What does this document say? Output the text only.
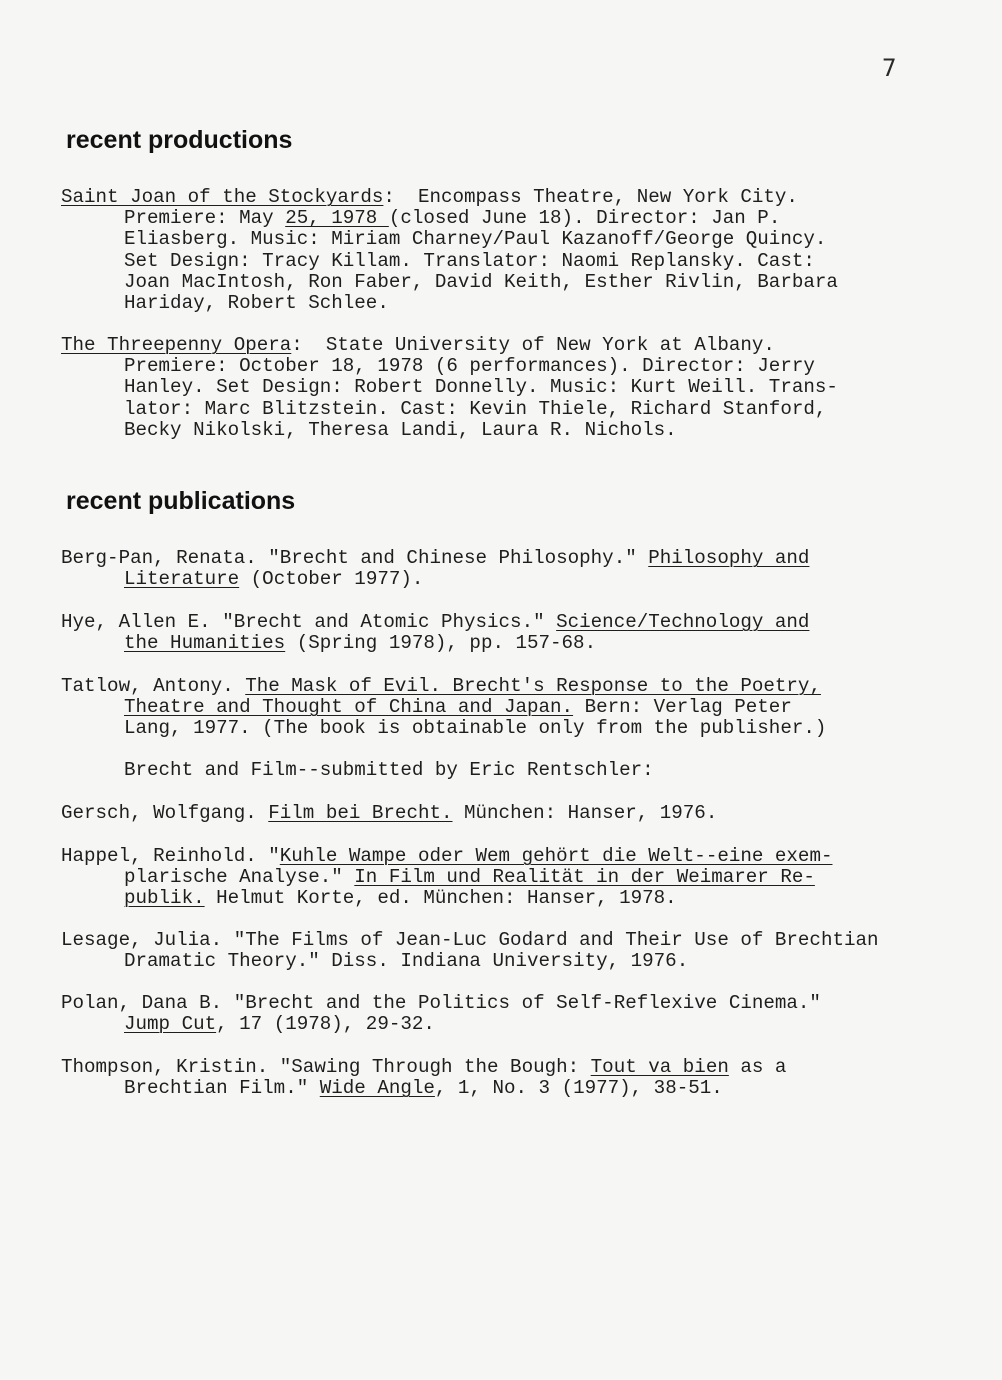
7
recent productions
Saint Joan of the Stockyards:  Encompass Theatre, New York City.
Premiere: May 25, 1978 (closed June 18). Director: Jan P.
Eliasberg. Music: Miriam Charney/Paul Kazanoff/George Quincy.
Set Design: Tracy Killam. Translator: Naomi Replansky. Cast:
Joan MacIntosh, Ron Faber, David Keith, Esther Rivlin, Barbara
Hariday, Robert Schlee.
The Threepenny Opera:  State University of New York at Albany.
Premiere: October 18, 1978 (6 performances). Director: Jerry
Hanley. Set Design: Robert Donnelly. Music: Kurt Weill. Trans-
lator: Marc Blitzstein. Cast: Kevin Thiele, Richard Stanford,
Becky Nikolski, Theresa Landi, Laura R. Nichols.
recent publications
Berg-Pan, Renata. "Brecht and Chinese Philosophy." Philosophy and
Literature (October 1977).
Hye, Allen E. "Brecht and Atomic Physics." Science/Technology and
the Humanities (Spring 1978), pp. 157-68.
Tatlow, Antony. The Mask of Evil. Brecht's Response to the Poetry,
Theatre and Thought of China and Japan. Bern: Verlag Peter
Lang, 1977. (The book is obtainable only from the publisher.)
Brecht and Film--submitted by Eric Rentschler:
Gersch, Wolfgang. Film bei Brecht. München: Hanser, 1976.
Happel, Reinhold. "Kuhle Wampe oder Wem gehört die Welt--eine exem-
plarische Analyse." In Film und Realität in der Weimarer Re-
publik. Helmut Korte, ed. München: Hanser, 1978.
Lesage, Julia. "The Films of Jean-Luc Godard and Their Use of Brechtian
Dramatic Theory." Diss. Indiana University, 1976.
Polan, Dana B. "Brecht and the Politics of Self-Reflexive Cinema."
Jump Cut, 17 (1978), 29-32.
Thompson, Kristin. "Sawing Through the Bough: Tout va bien as a
Brechtian Film." Wide Angle, 1, No. 3 (1977), 38-51.
